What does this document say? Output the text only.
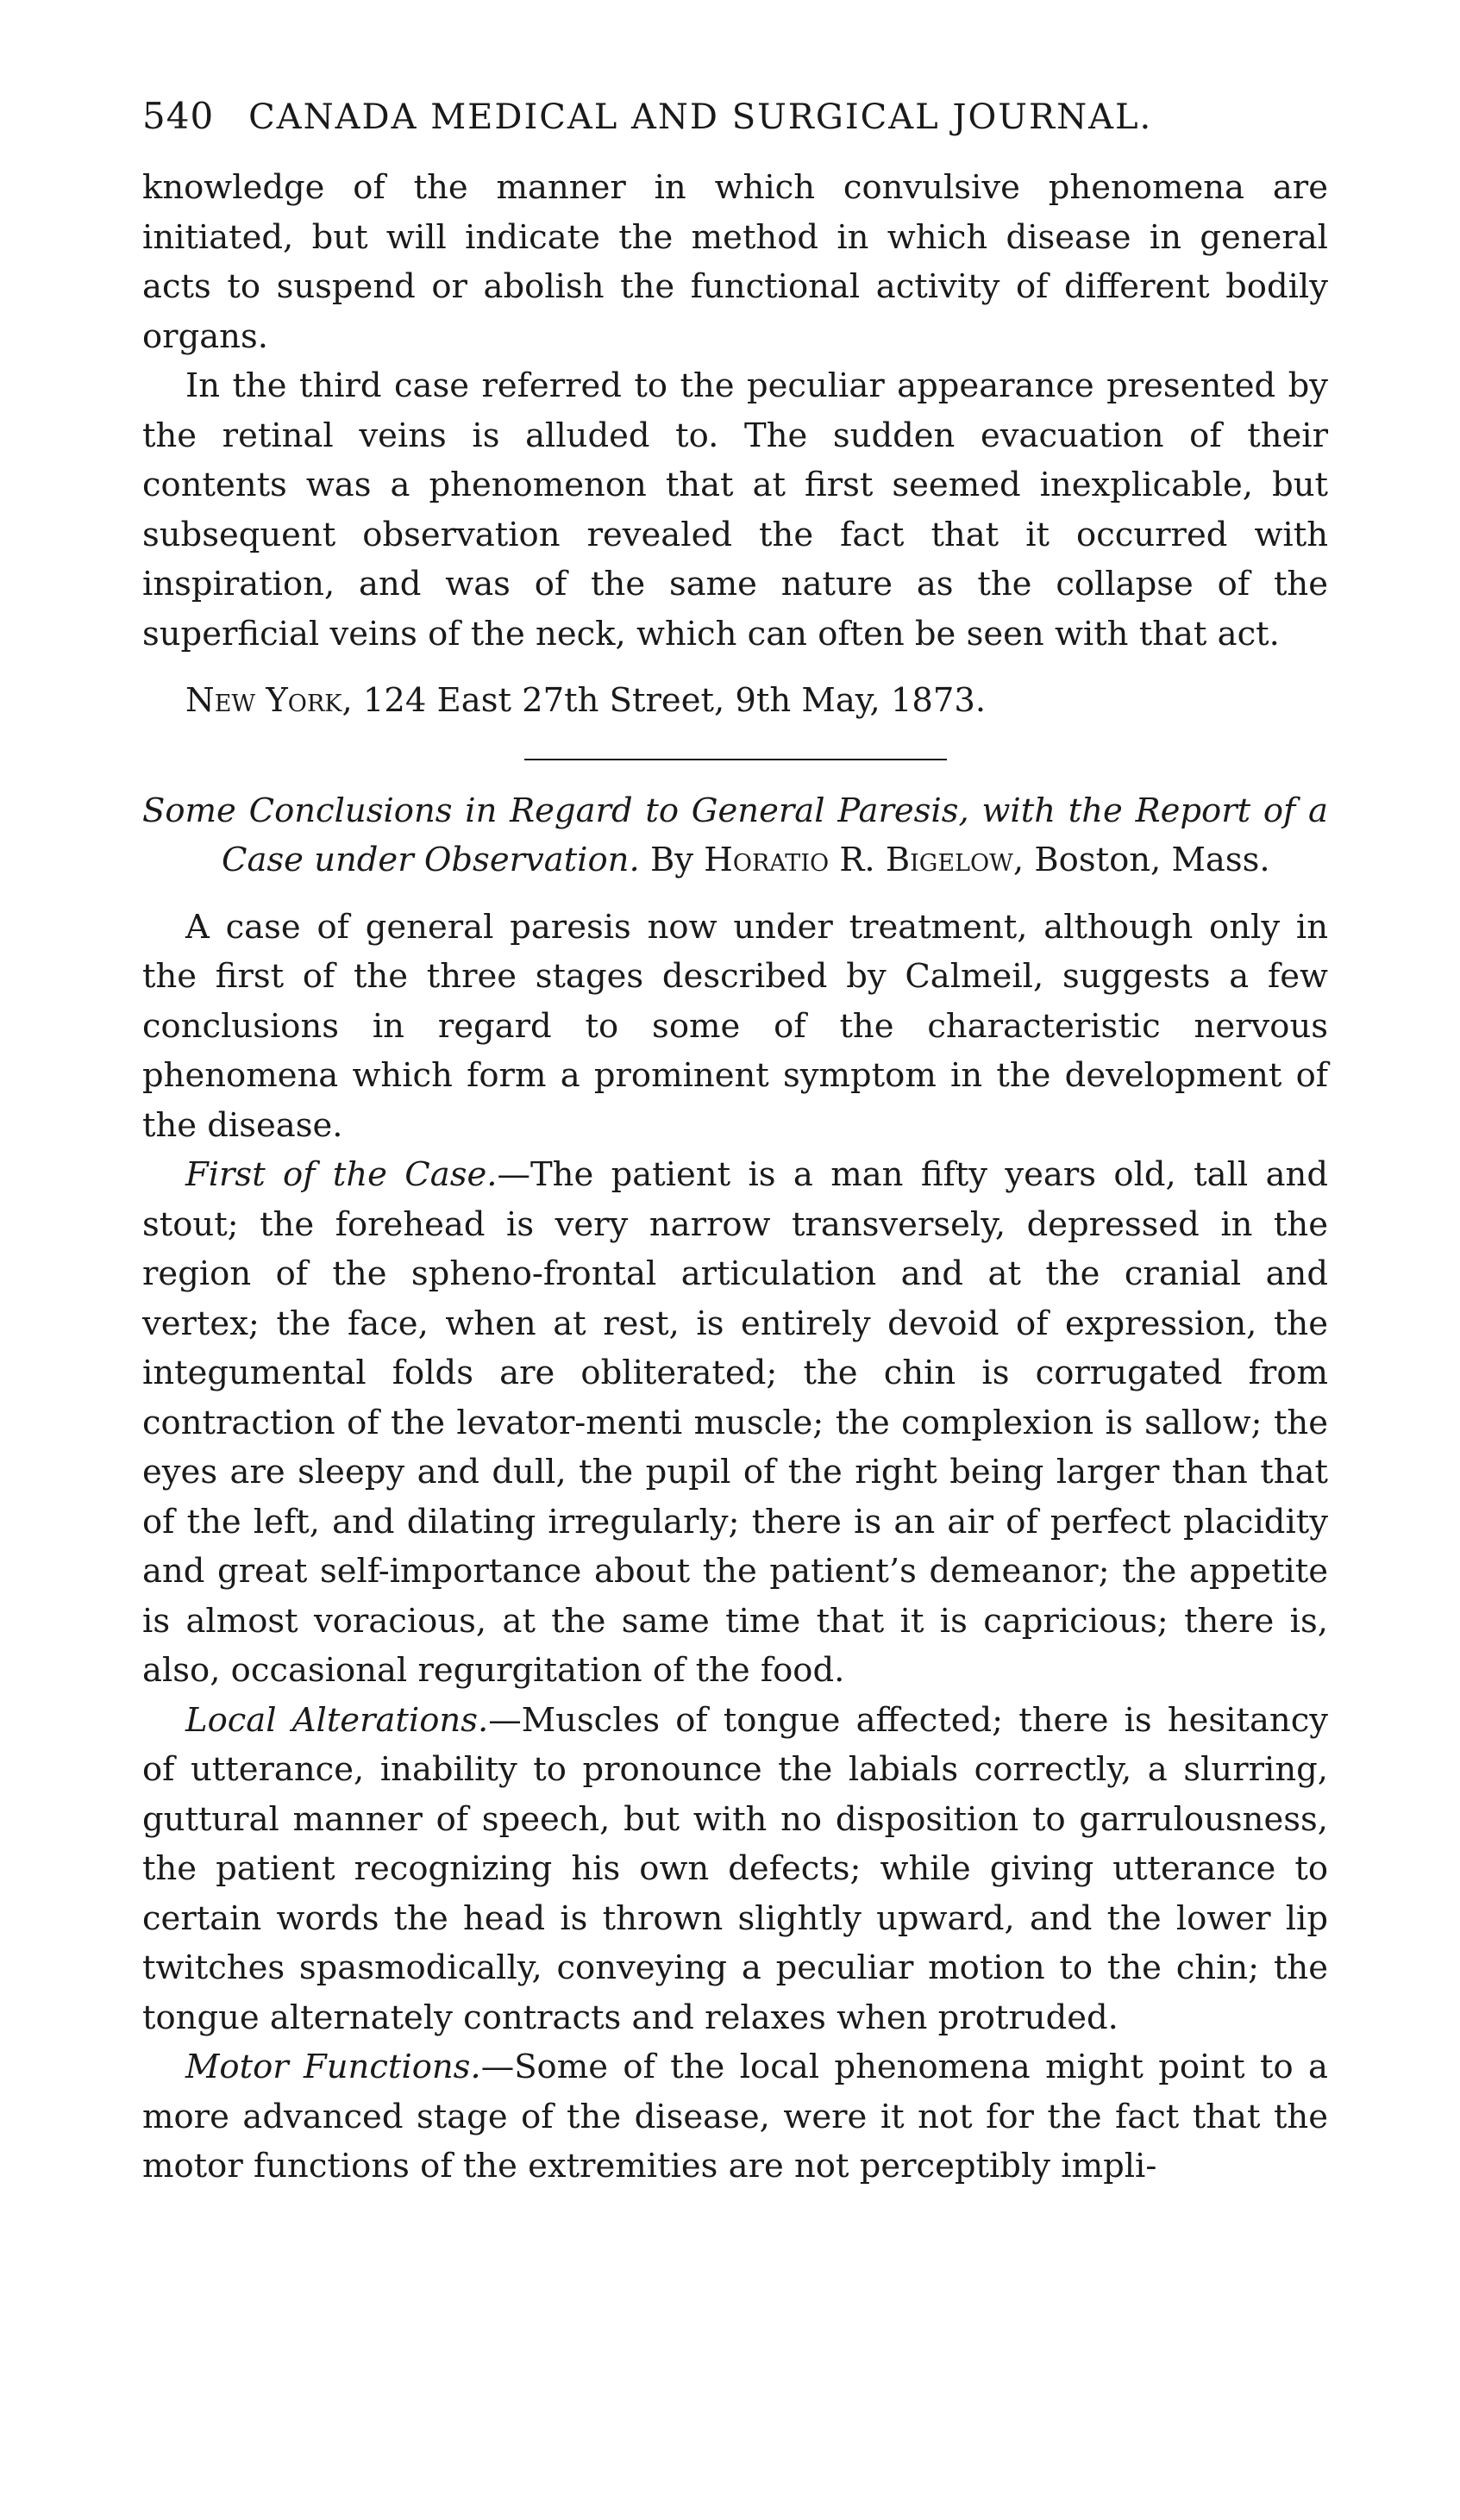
540 CANADA MEDICAL AND SURGICAL JOURNAL.

knowledge of the manner in which convulsive phenomena are initiated, but will indicate the method in which disease in general acts to suspend or abolish the functional activity of different bodily organs.

In the third case referred to the peculiar appearance presented by the retinal veins is alluded to. The sudden evacuation of their contents was a phenomenon that at first seemed inexplicable, but subsequent observation revealed the fact that it occurred with inspiration, and was of the same nature as the collapse of the superficial veins of the neck, which can often be seen with that act.

New York, 124 East 27th Street, 9th May, 1873.

Some Conclusions in Regard to General Paresis, with the Report of a Case under Observation. By Horatio R. Bigelow, Boston, Mass.

A case of general paresis now under treatment, although only in the first of the three stages described by Calmeil, suggests a few conclusions in regard to some of the characteristic nervous phenomena which form a prominent symptom in the development of the disease.

First of the Case.—The patient is a man fifty years old, tall and stout; the forehead is very narrow transversely, depressed in the region of the spheno-frontal articulation and at the cranial and vertex; the face, when at rest, is entirely devoid of expression, the integumental folds are obliterated; the chin is corrugated from contraction of the levator-menti muscle; the complexion is sallow; the eyes are sleepy and dull, the pupil of the right being larger than that of the left, and dilating irregularly; there is an air of perfect placidity and great self-importance about the patient’s demeanor; the appetite is almost voracious, at the same time that it is capricious; there is, also, occasional regurgitation of the food.

Local Alterations.—Muscles of tongue affected; there is hesitancy of utterance, inability to pronounce the labials correctly, a slurring, guttural manner of speech, but with no disposition to garrulousness, the patient recognizing his own defects; while giving utterance to certain words the head is thrown slightly upward, and the lower lip twitches spasmodically, conveying a peculiar motion to the chin; the tongue alternately contracts and relaxes when protruded.

Motor Functions.—Some of the local phenomena might point to a more advanced stage of the disease, were it not for the fact that the motor functions of the extremities are not perceptibly impli-
